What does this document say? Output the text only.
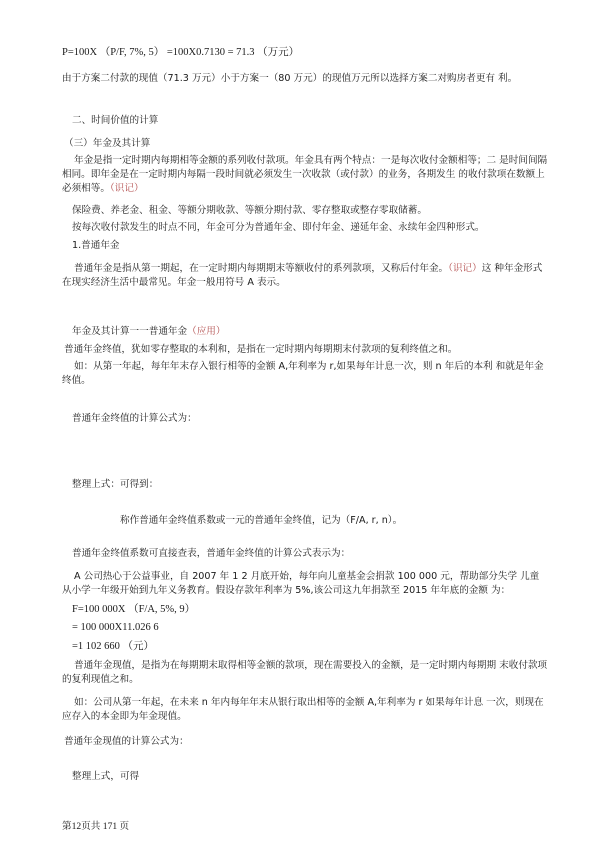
P=100X （P/F, 7%, 5） =100X0.7130 = 71.3 （万元）
由于方案二付款的现值（71.3 万元）小于方案一（80 万元）的现值万元所以选择方案二对购房者更有 利。
二、时间价值的计算
（三）年金及其计算
年金是指一定时期内每期相等金额的系列收付款项。年金具有两个特点：一是每次收付金额相等；二 是时间间隔相同。即年金是在一定时期内每隔一段时间就必须发生一次收款（或付款）的业务，各期发生 的收付款项在数额上必须相等。（识记）
保险费、养老金、租金、等额分期收款、等额分期付款、零存整取或整存零取储蓄。
按每次收付款发生的时点不同，年金可分为普通年金、即付年金、递延年金、永续年金四种形式。
1.普通年金
普通年金是指从第一期起，在一定时期内每期期末等额收付的系列款项，又称后付年金。（识记）这 种年金形式在现实经济生活中最常见。年金一般用符号 A 表示。
年金及其计算一一普通年金（应用）
普通年金终值，犹如零存整取的本利和，是指在一定时期内每期期末付款项的复利终值之和。
如：从第一年起，每年年末存入银行相等的金额 A,年利率为 r,如果每年计息一次，则 n 年后的本利 和就是年金终值。
普通年金终值的计算公式为：
整理上式：可得到：
称作普通年金终值系数或一元的普通年金终值，记为（F/A, r, n）。
普通年金终值系数可直接查表，普通年金终值的计算公式表示为：
A 公司热心于公益事业，自 2007 年 1 2 月底开始，每年向儿童基金会捐款 100 000 元，帮助部分失学 儿童从小学一年级开始到九年义务教育。假设存款年利率为 5%,该公司这九年捐款至 2015 年年底的金额 为：
F=100 000X （F/A, 5%, 9）
= 100 000X11.026 6
=1 102 660 （元）
普通年金现值，是指为在每期期末取得相等金额的款项，现在需要投入的金额，是一定时期内每期期 末收付款项的复利现值之和。
如：公司从第一年起，在未来 n 年内每年年末从银行取出相等的金额 A,年利率为 r 如果每年计息 一次，则现在应存入的本金即为年金现值。
普通年金现值的计算公式为：
整理上式，可得
第12页共 171 页
